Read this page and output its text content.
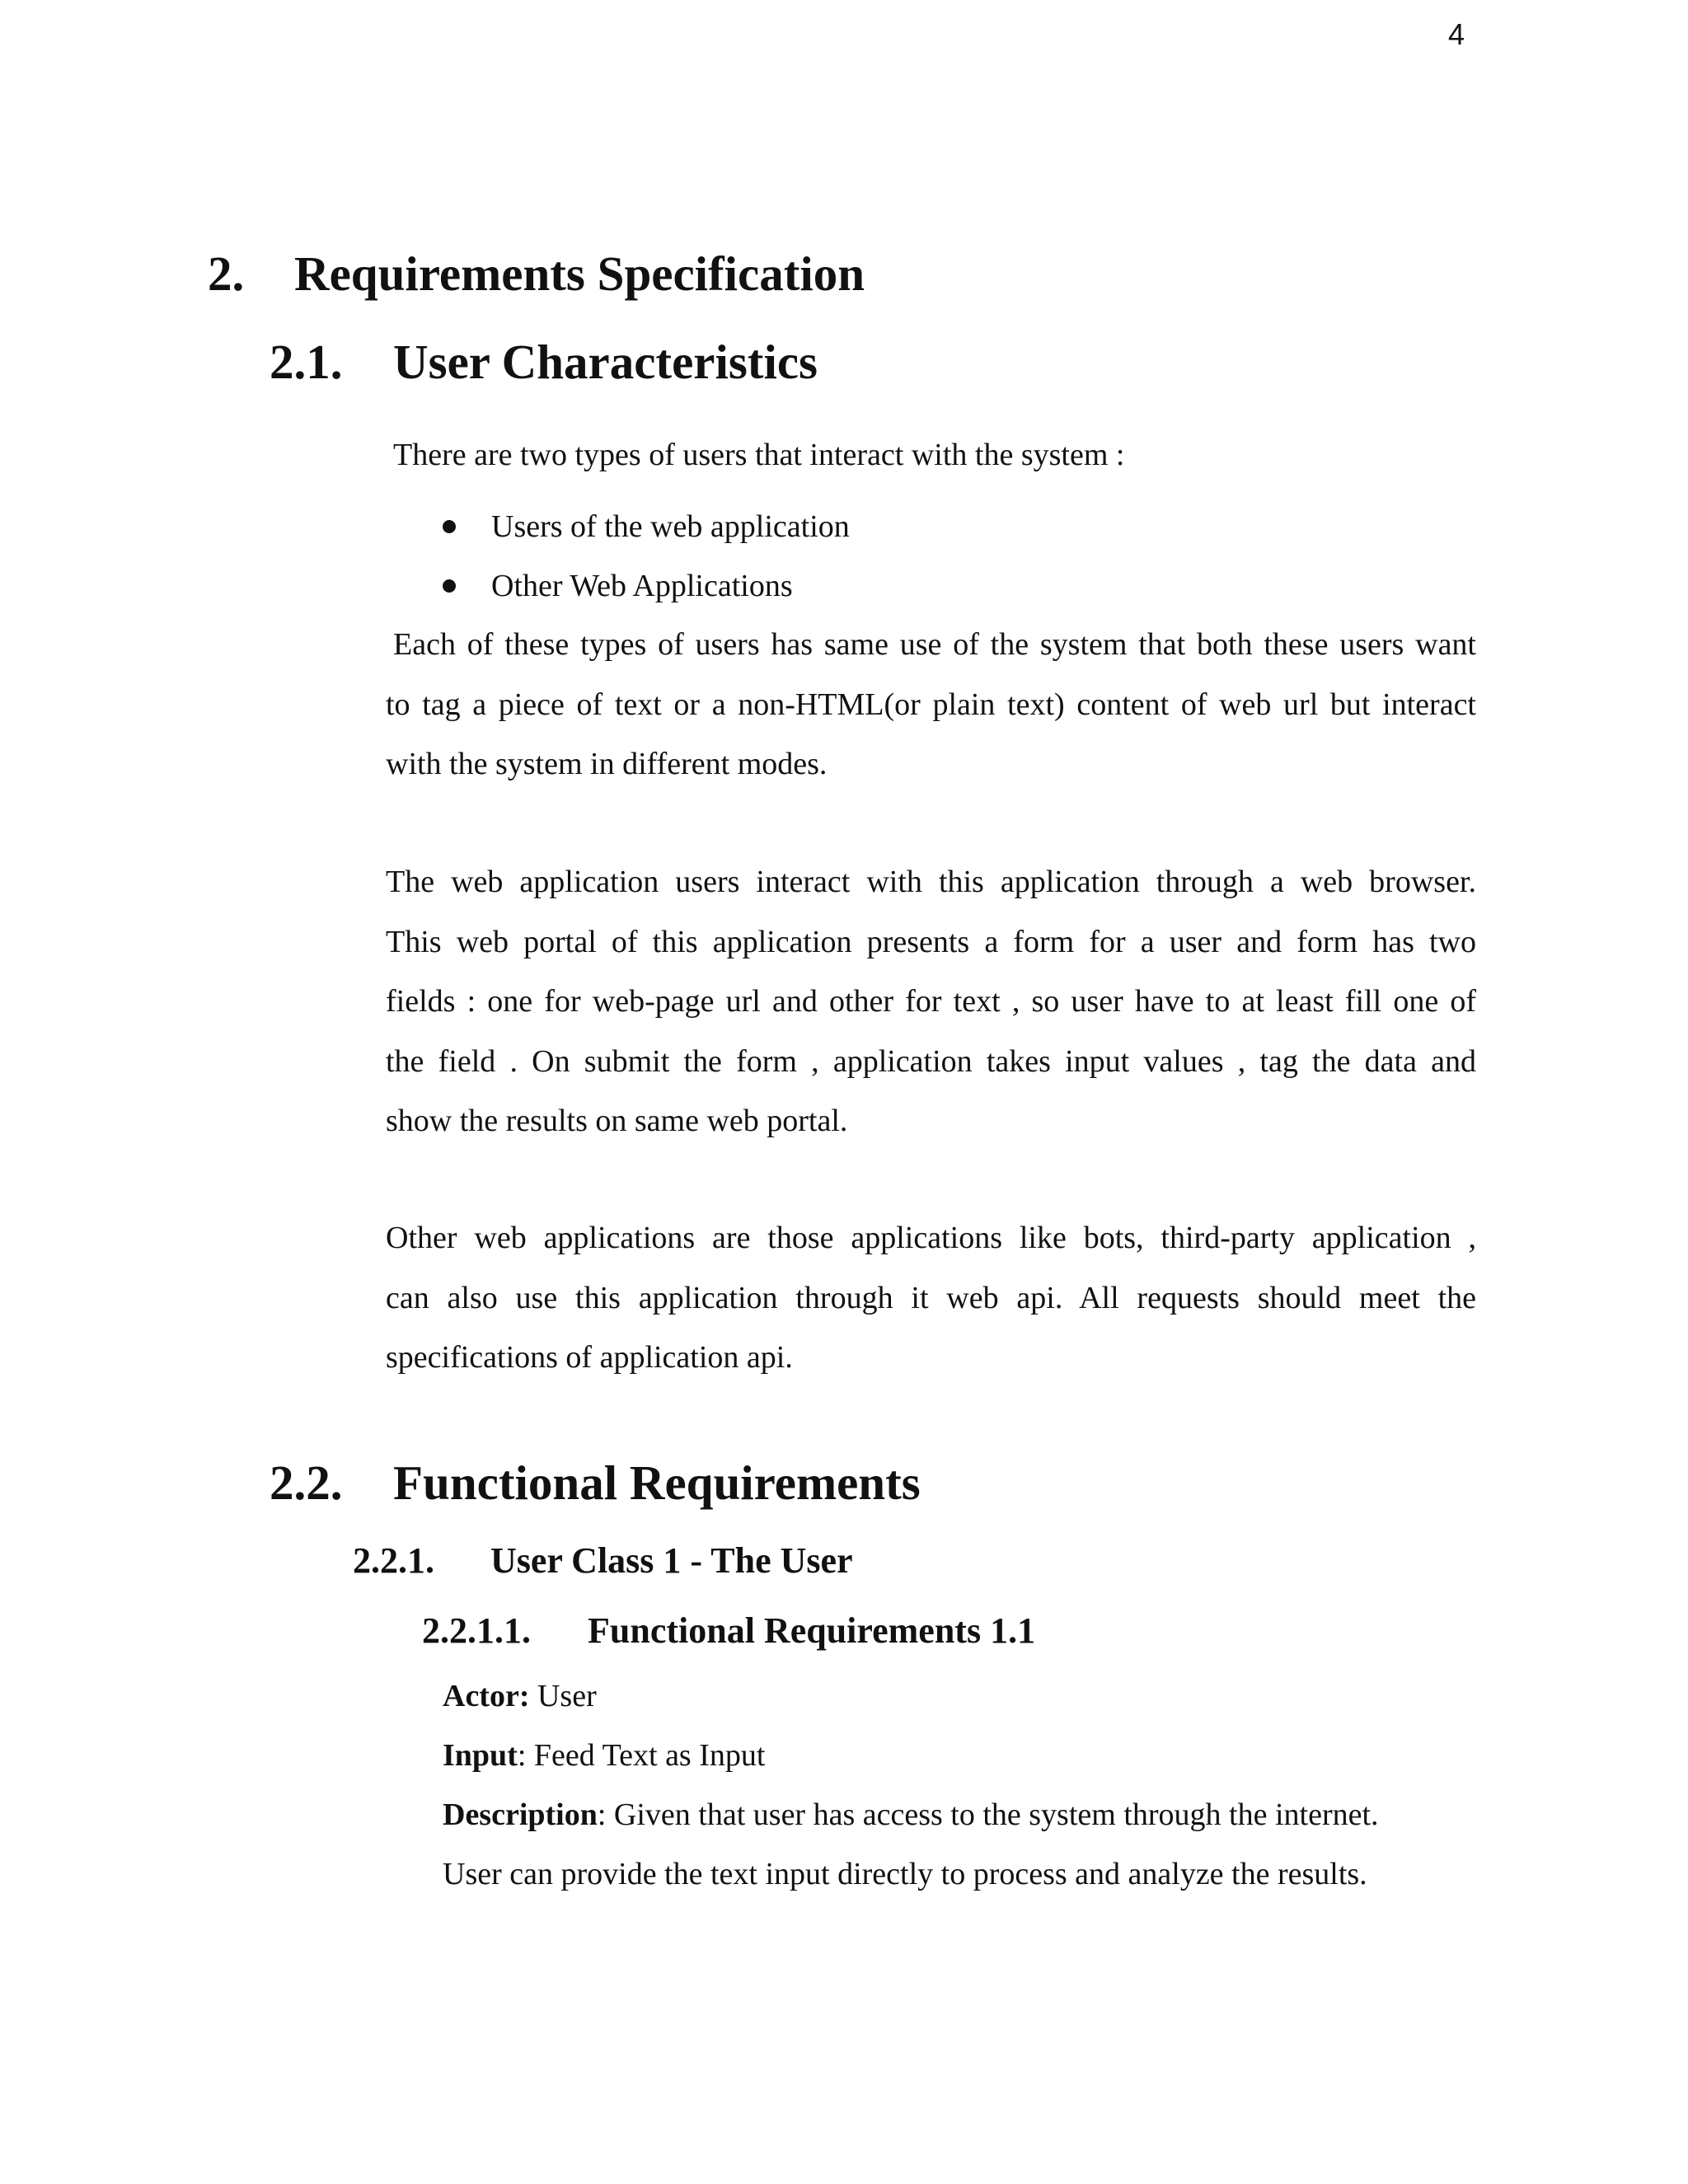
4
2. Requirements Specification
2.1. User Characteristics
There are two types of users that interact with the system :
Users of the web application
Other Web Applications
Each of these types of users has same use of the system that both these users want
to tag a piece of text or a non-HTML(or plain text) content of web url but interact
with the system in different modes.
The web application users interact with this application through a web browser.
This web portal of this application presents a form for a user and form has two
fields : one for web-page url and other for text , so user have to at least fill one of
the field . On submit the form , application takes input values , tag the data and
show the results on same web portal.
Other web applications are those applications like bots, third-party application ,
can also use this application through it web api. All requests should meet the
specifications of application api.
2.2. Functional Requirements
2.2.1. User Class 1 - The User
2.2.1.1. Functional Requirements 1.1
Actor: User
Input: Feed Text as Input
Description: Given that user has access to the system through the internet.
User can provide the text input directly to process and analyze the results.
